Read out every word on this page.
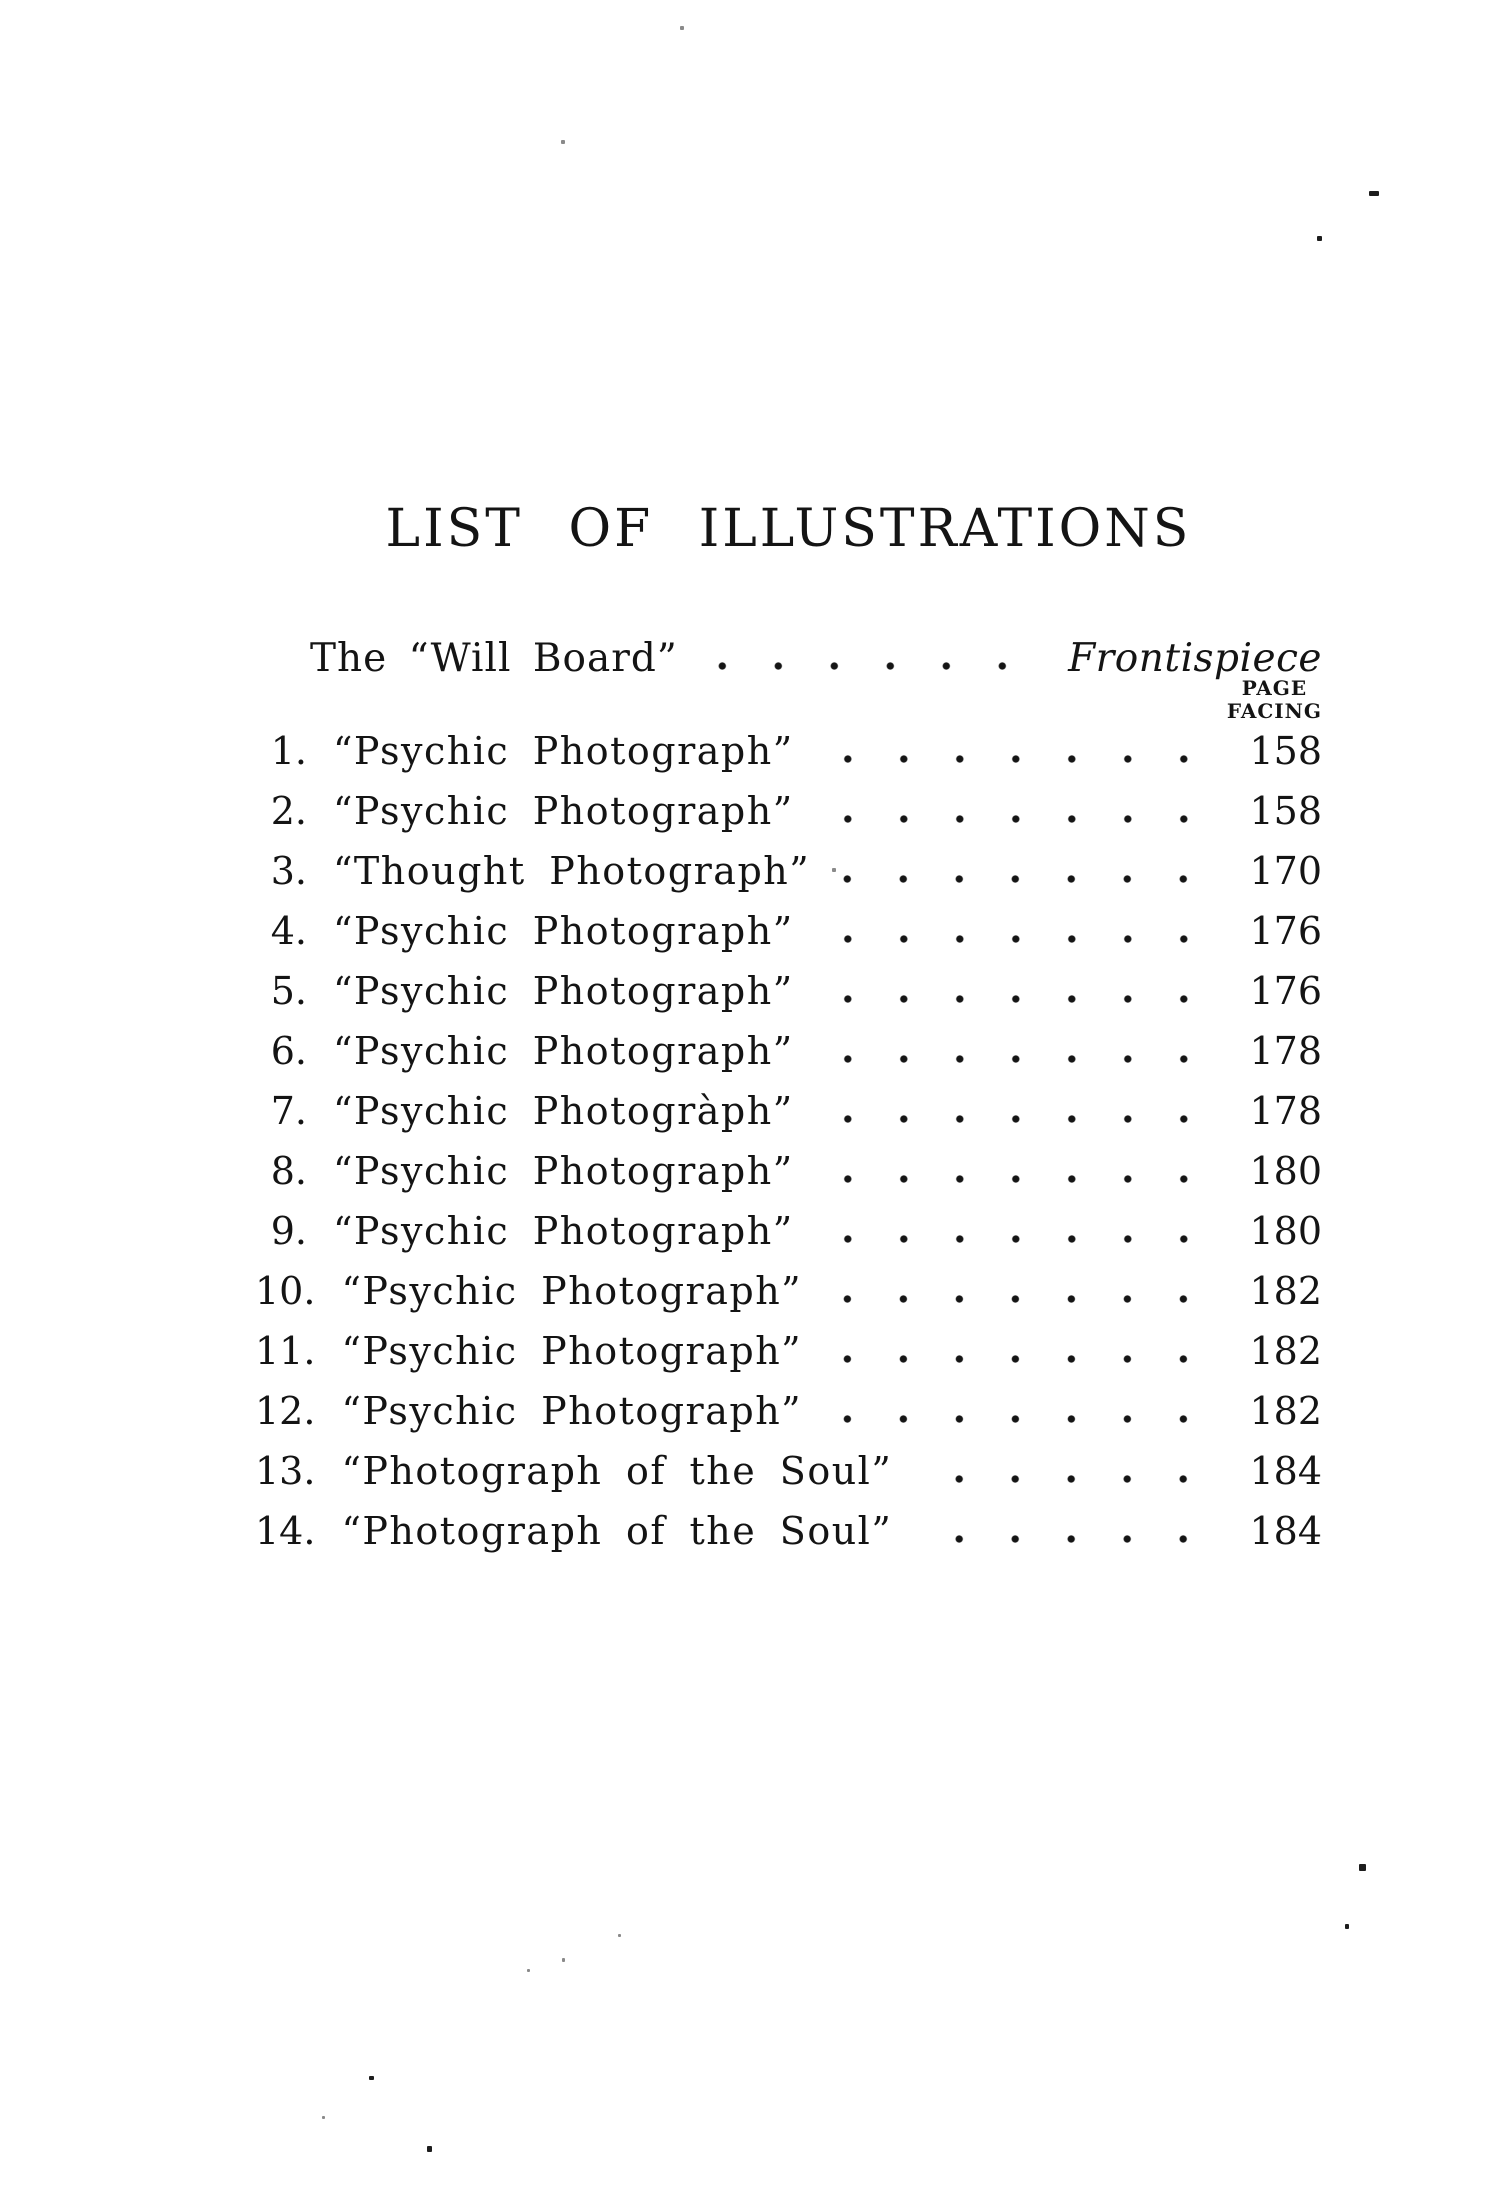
LIST OF ILLUSTRATIONS
The “Will Board”	Frontispiece
PAGE
FACING
1. “Psychic Photograph”	158
2. “Psychic Photograph”	158
3. “Thought Photograph”	170
4. “Psychic Photograph”	176
5. “Psychic Photograph”	176
6. “Psychic Photograph”	178
7. “Psychic Photogràph”	178
8. “Psychic Photograph”	180
9. “Psychic Photograph”	180
10. “Psychic Photograph”	182
11. “Psychic Photograph”	182
12. “Psychic Photograph”	182
13. “Photograph of the Soul”	184
14. “Photograph of the Soul”	184
